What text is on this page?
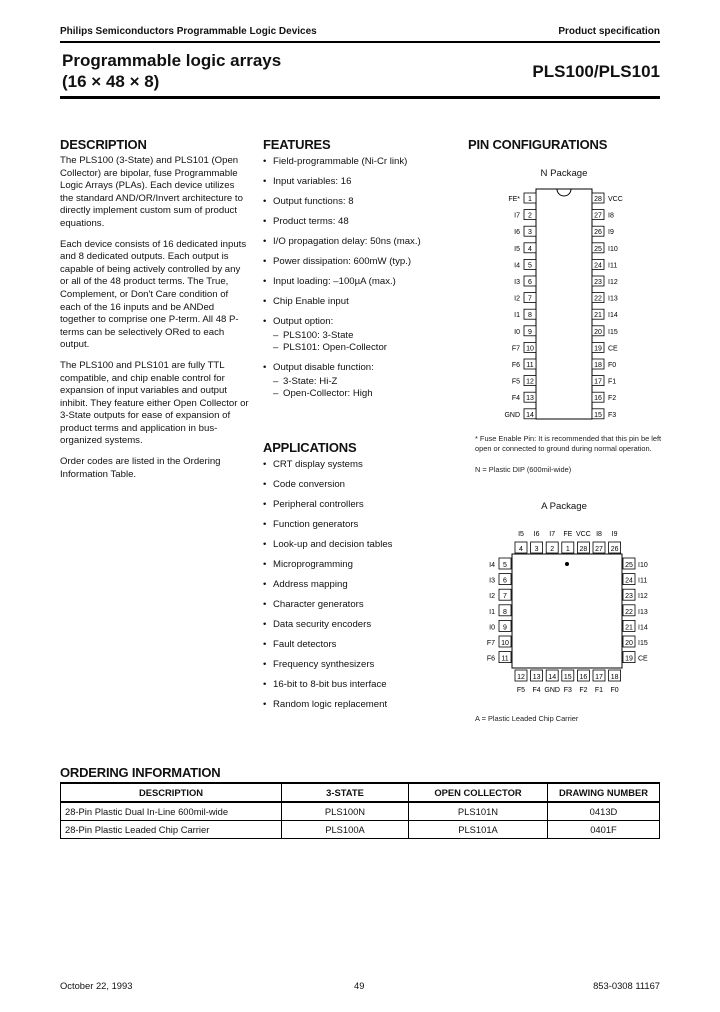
Philips Semiconductors Programmable Logic Devices	Product specification
Programmable logic arrays
(16 × 48 × 8)
PLS100/PLS101
DESCRIPTION

The PLS100 (3-State) and PLS101 (Open Collector) are bipolar, fuse Programmable Logic Arrays (PLAs). Each device utilizes the standard AND/OR/Invert architecture to directly implement custom sum of product equations.

Each device consists of 16 dedicated inputs and 8 dedicated outputs. Each output is capable of being actively controlled by any or all of the 48 product terms. The True, Complement, or Don't Care condition of each of the 16 inputs and be ANDed together to comprise one P-term. All 48 P-terms can be selectively ORed to each output.

The PLS100 and PLS101 are fully TTL compatible, and chip enable control for expansion of input variables and output inhibit. They feature either Open Collector or 3-State outputs for ease of expansion of product terms and application in bus-organized systems.

Order codes are listed in the Ordering Information Table.

FEATURES
• Field-programmable (Ni-Cr link)
• Input variables: 16
• Output functions: 8
• Product terms: 48
• I/O propagation delay: 50ns (max.)
• Power dissipation: 600mW (typ.)
• Input loading: –100µA (max.)
• Chip Enable input
• Output option:
– PLS100: 3-State
– PLS101: Open-Collector
• Output disable function:
– 3-State: Hi-Z
– Open-Collector: High
APPLICATIONS
• CRT display systems
• Code conversion
• Peripheral controllers
• Function generators
• Look-up and decision tables
• Microprogramming
• Address mapping
• Character generators
• Data security encoders
• Fault detectors
• Frequency synthesizers
• 16-bit to 8-bit bus interface
• Random logic replacement
PIN CONFIGURATIONS
N Package
1
FE*
2
I7
3
I6
4
I5
5
I4
6
I3
7
I2
8
I1
9
I0
10
F7
11
F6
12
F5
13
F4
14
GND
28 VCC
27 I8
26 I9
25 I10
24 I11
23 I12
22 I13
21 I14
20 I15
19 CE
18 F0
17 F1
16 F2
15 F3
* Fuse Enable Pin: It is recommended that this pin be left open or connected to ground during normal operation.
N = Plastic DIP (600mil-wide)
A Package
4
I5
3
I6
2
I7
1
FE
28
VCC
27
I8
26
I9
12
F5
13
F4
14
GND
15
F3
16
F2
17
F1
18
F0
5
I4
6
I3
7
I2
8
I1
9
I0
10
F7
11
F6
25 I10
24 I11
23 I12
22 I13
21 I14
20 I15
19 CE
A = Plastic Leaded Chip Carrier
ORDERING INFORMATION
DESCRIPTION	3-STATE	OPEN COLLECTOR	DRAWING NUMBER
28-Pin Plastic Dual In-Line 600mil-wide	PLS100N	PLS101N	0413D
28-Pin Plastic Leaded Chip Carrier	PLS100A	PLS101A	0401F
October 22, 1993	49	853-0308 11167
